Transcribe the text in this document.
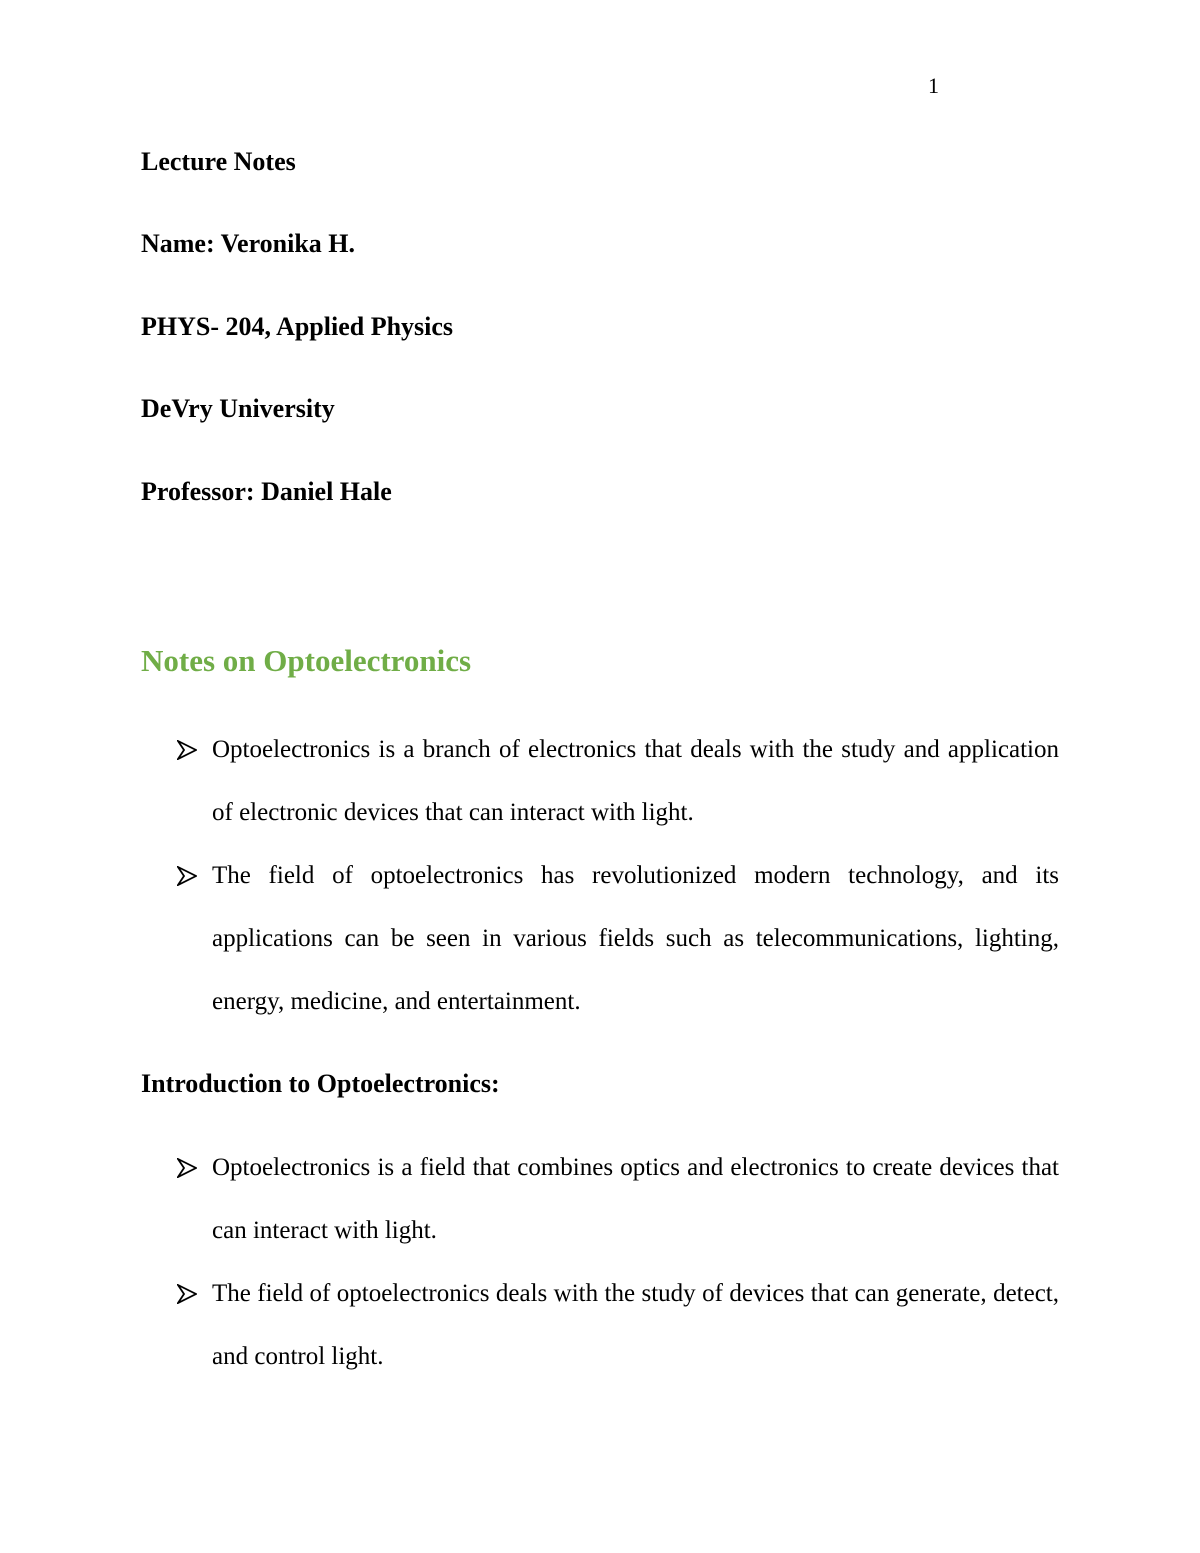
1
Lecture Notes
Name: Veronika H.
PHYS- 204, Applied Physics
DeVry University
Professor: Daniel Hale
Notes on Optoelectronics
Optoelectronics is a branch of electronics that deals with the study and application of electronic devices that can interact with light.
The field of optoelectronics has revolutionized modern technology, and its applications can be seen in various fields such as telecommunications, lighting, energy, medicine, and entertainment.
Introduction to Optoelectronics:
Optoelectronics is a field that combines optics and electronics to create devices that can interact with light.
The field of optoelectronics deals with the study of devices that can generate, detect, and control light.
